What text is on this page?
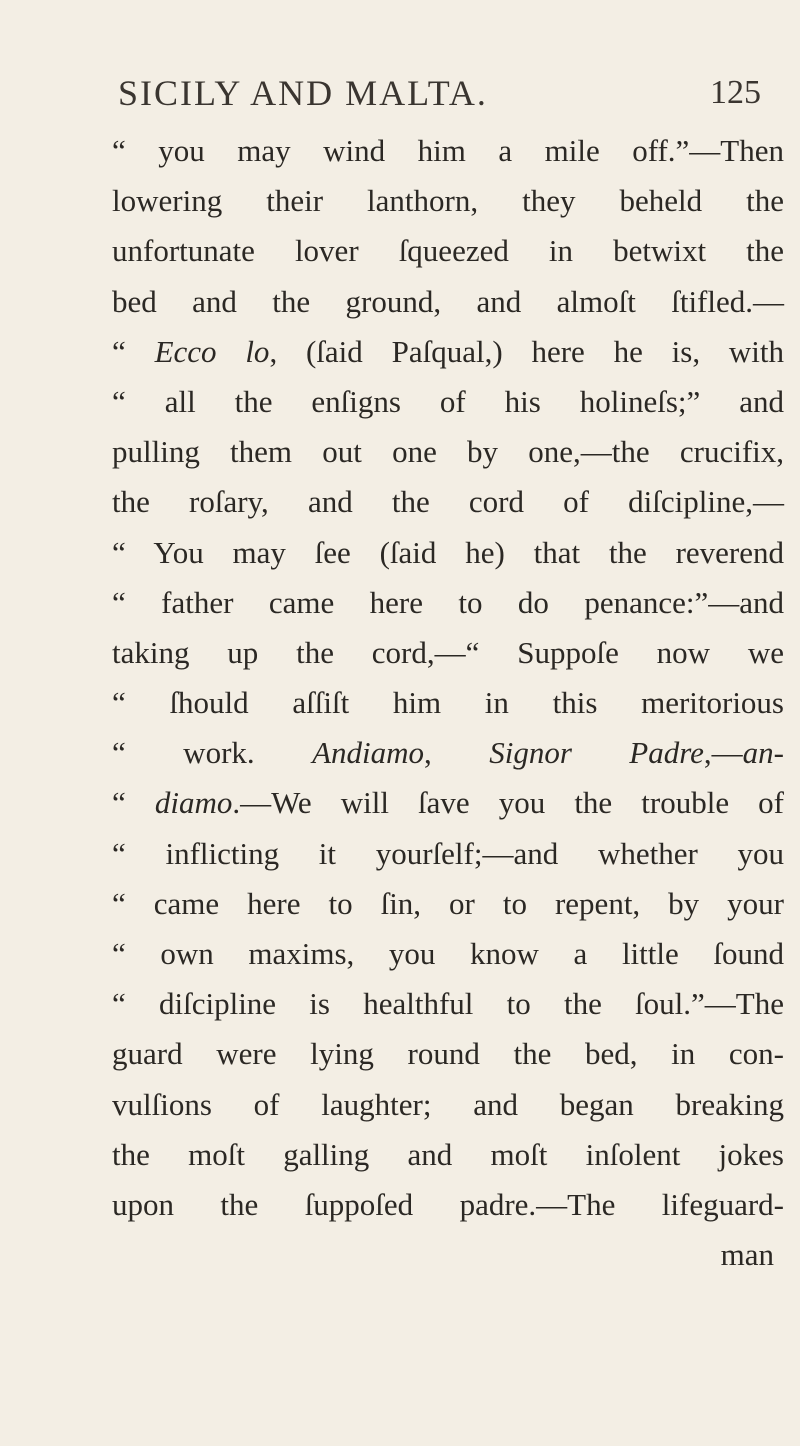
SICILY AND MALTA.	125
“ you may wind him a mile off.”—Then
lowering their lanthorn, they beheld the
unfortunate lover ſqueezed in betwixt the
bed and the ground, and almoſt ſtifled.—
“ Ecco lo, (ſaid Paſqual,) here he is, with
“ all the enſigns of his holineſs;” and
pulling them out one by one,—the crucifix,
the roſary, and the cord of diſcipline,—
“ You may ſee (ſaid he) that the reverend
“ father came here to do penance:”—and
taking up the cord,—“ Suppoſe now we
“ ſhould aſſiſt him in this meritorious
“ work. Andiamo, Signor Padre,—an-
“ diamo.—We will ſave you the trouble of
“ inflicting it yourſelf;—and whether you
“ came here to ſin, or to repent, by your
“ own maxims, you know a little ſound
“ diſcipline is healthful to the ſoul.”—The
guard were lying round the bed, in con-
vulſions of laughter; and began breaking
the moſt galling and moſt inſolent jokes
upon the ſuppoſed padre.—The lifeguard-
man
